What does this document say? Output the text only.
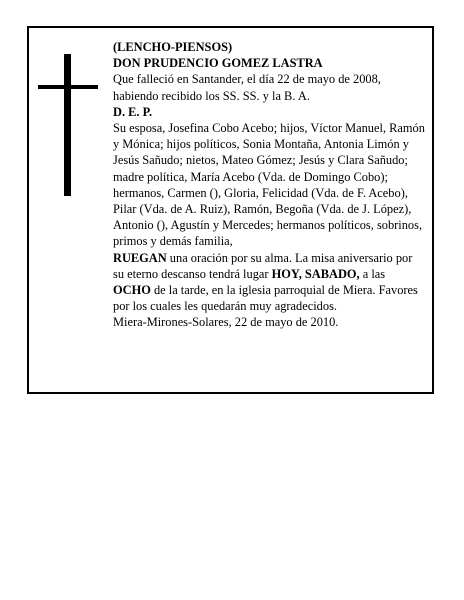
(LENCHO-PIENSOS)

DON PRUDENCIO GOMEZ LASTRA

Que falleció en Santander, el día 22 de mayo de 2008, habiendo recibido los SS. SS. y la B. A.

D. E. P.

Su esposa, Josefina Cobo Acebo; hijos, Víctor Manuel, Ramón y Mónica; hijos políticos, Sonia Montaña, Antonia Limón y Jesús Sañudo; nietos, Mateo Gómez; Jesús y Clara Sañudo; madre política, María Acebo (Vda. de Domingo Cobo); hermanos, Carmen (), Gloria, Felicidad (Vda. de F. Acebo), Pilar (Vda. de A. Ruiz), Ramón, Begoña (Vda. de J. López), Antonio (), Agustín y Mercedes; hermanos políticos, sobrinos, primos y demás familia,

RUEGAN una oración por su alma. La misa aniversario por su eterno descanso tendrá lugar HOY, SABADO, a las OCHO de la tarde, en la iglesia parroquial de Miera. Favores por los cuales les quedarán muy agradecidos.

Miera-Mirones-Solares, 22 de mayo de 2010.
